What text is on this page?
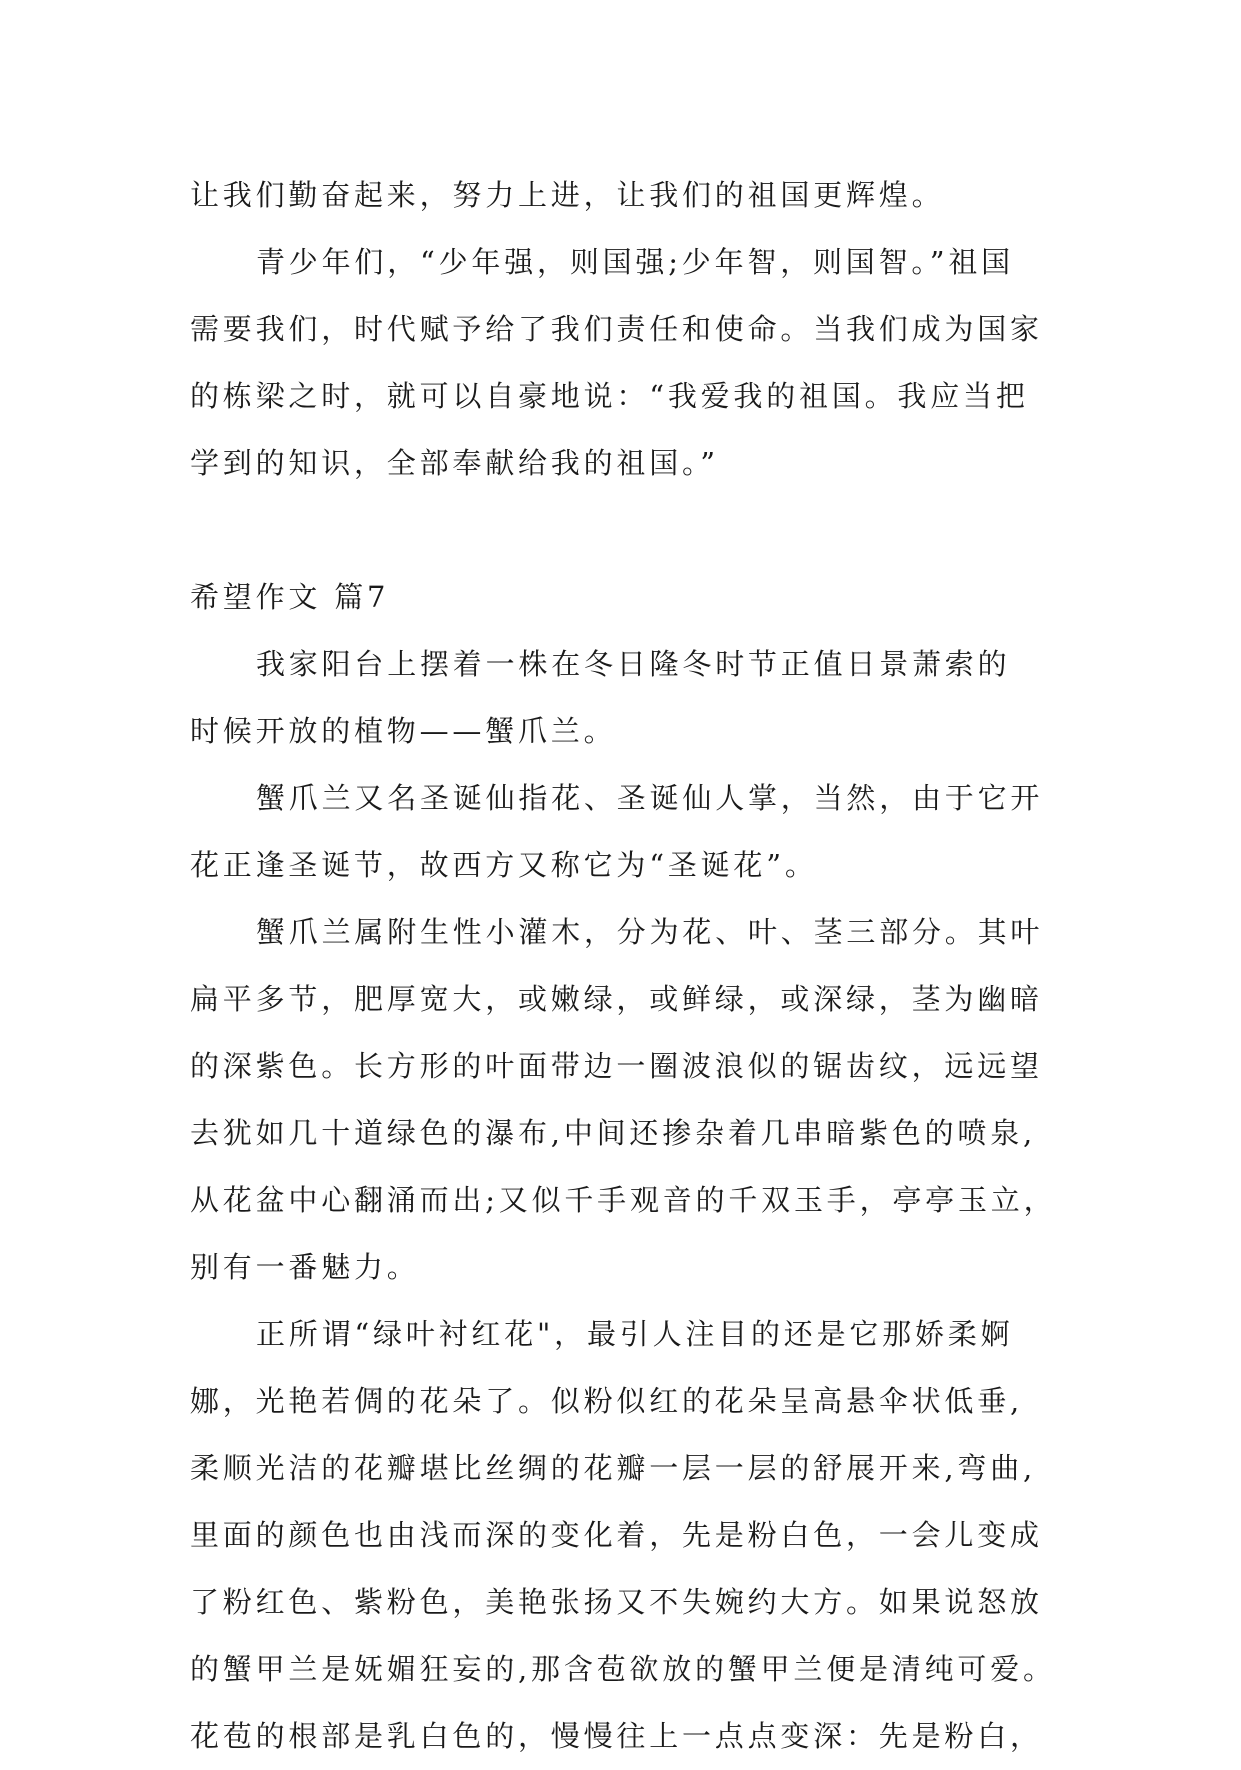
让我们勤奋起来，努力上进，让我们的祖国更辉煌。
青少年们，“少年强，则国强;少年智，则国智。”祖国
需要我们，时代赋予给了我们责任和使命。当我们成为国家
的栋梁之时，就可以自豪地说：“我爱我的祖国。我应当把
学到的知识，全部奉献给我的祖国。”
希望作文 篇7
我家阳台上摆着一株在冬日隆冬时节正值日景萧索的
时候开放的植物——蟹爪兰。
蟹爪兰又名圣诞仙指花、圣诞仙人掌，当然，由于它开
花正逢圣诞节，故西方又称它为“圣诞花”。
蟹爪兰属附生性小灌木，分为花、叶、茎三部分。其叶
扁平多节，肥厚宽大，或嫩绿，或鲜绿，或深绿，茎为幽暗
的深紫色。长方形的叶面带边一圈波浪似的锯齿纹，远远望
去犹如几十道绿色的瀑布,中间还掺杂着几串暗紫色的喷泉,
从花盆中心翻涌而出;又似千手观音的千双玉手，亭亭玉立，
别有一番魅力。
正所谓“绿叶衬红花"，最引人注目的还是它那娇柔婀
娜，光艳若倜的花朵了。似粉似红的花朵呈高悬伞状低垂,
柔顺光洁的花瓣堪比丝绸的花瓣一层一层的舒展开来,弯曲,
里面的颜色也由浅而深的变化着，先是粉白色，一会儿变成
了粉红色、紫粉色，美艳张扬又不失婉约大方。如果说怒放
的蟹甲兰是妩媚狂妄的,那含苞欲放的蟹甲兰便是清纯可爱。
花苞的根部是乳白色的，慢慢往上一点点变深：先是粉白，
